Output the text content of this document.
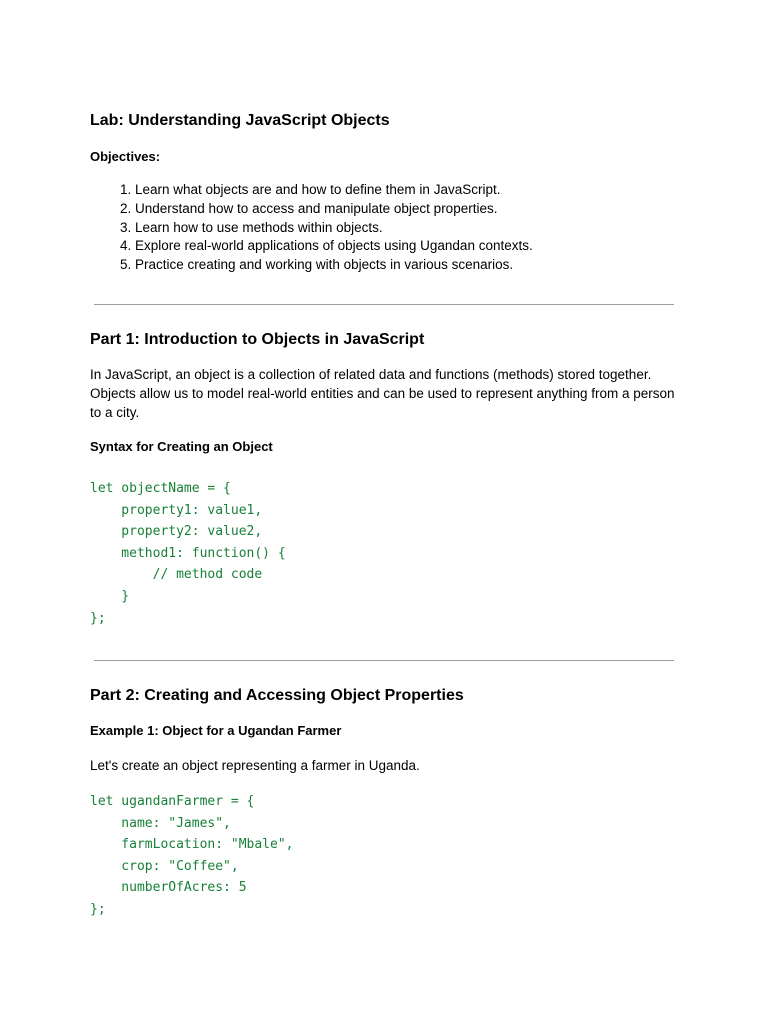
Lab: Understanding JavaScript Objects
Objectives:
1. Learn what objects are and how to define them in JavaScript.
2. Understand how to access and manipulate object properties.
3. Learn how to use methods within objects.
4. Explore real-world applications of objects using Ugandan contexts.
5. Practice creating and working with objects in various scenarios.
Part 1: Introduction to Objects in JavaScript

In JavaScript, an object is a collection of related data and functions (methods) stored together. Objects allow us to model real-world entities and can be used to represent anything from a person to a city.

Syntax for Creating an Object
let objectName = {
property1: value1,
property2: value2,
method1: function() {
// method code
}
};
Part 2: Creating and Accessing Object Properties
Example 1: Object for a Ugandan Farmer

Let's create an object representing a farmer in Uganda.

let ugandanFarmer = {
name: "James",
farmLocation: "Mbale",
crop: "Coffee",
numberOfAcres: 5
};
